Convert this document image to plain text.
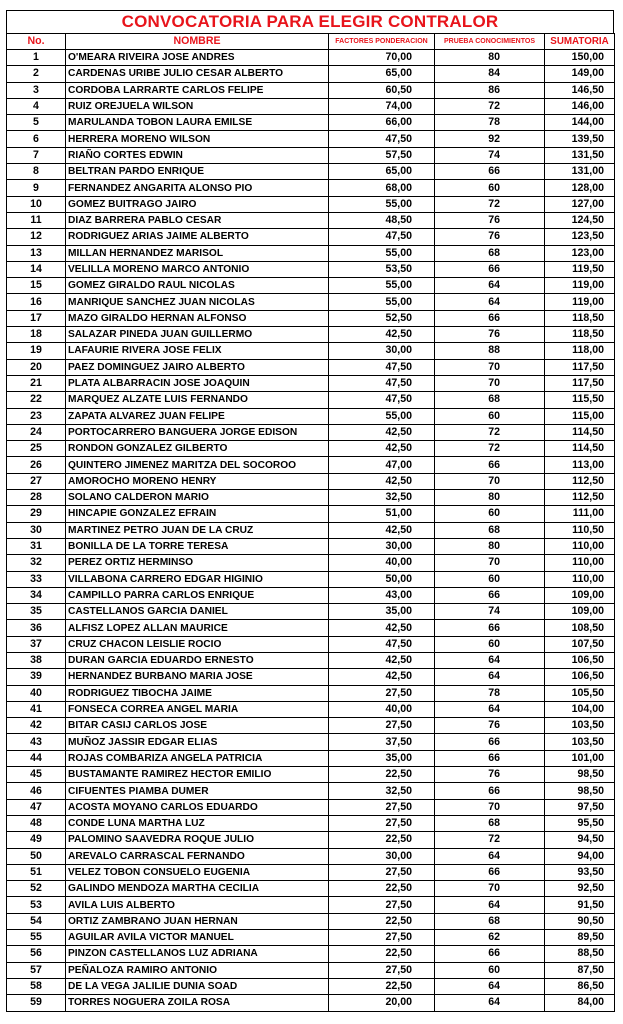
CONVOCATORIA PARA ELEGIR CONTRALOR
No.	NOMBRE	FACTORES PONDERACION	PRUEBA CONOCIMIENTOS	SUMATORIA
1	O'MEARA RIVEIRA JOSE ANDRES	70,00	80	150,00
2	CARDENAS URIBE JULIO CESAR ALBERTO	65,00	84	149,00
3	CORDOBA LARRARTE CARLOS FELIPE	60,50	86	146,50
4	RUIZ OREJUELA WILSON	74,00	72	146,00
5	MARULANDA TOBON LAURA EMILSE	66,00	78	144,00
6	HERRERA MORENO WILSON	47,50	92	139,50
7	RIAÑO CORTES EDWIN	57,50	74	131,50
8	BELTRAN PARDO ENRIQUE	65,00	66	131,00
9	FERNANDEZ ANGARITA ALONSO PIO	68,00	60	128,00
10	GOMEZ BUITRAGO JAIRO	55,00	72	127,00
11	DIAZ BARRERA PABLO CESAR	48,50	76	124,50
12	RODRIGUEZ ARIAS JAIME ALBERTO	47,50	76	123,50
13	MILLAN HERNANDEZ MARISOL	55,00	68	123,00
14	VELILLA MORENO MARCO ANTONIO	53,50	66	119,50
15	GOMEZ GIRALDO RAUL NICOLAS	55,00	64	119,00
16	MANRIQUE SANCHEZ JUAN NICOLAS	55,00	64	119,00
17	MAZO GIRALDO HERNAN ALFONSO	52,50	66	118,50
18	SALAZAR PINEDA JUAN GUILLERMO	42,50	76	118,50
19	LAFAURIE RIVERA JOSE FELIX	30,00	88	118,00
20	PAEZ DOMINGUEZ JAIRO ALBERTO	47,50	70	117,50
21	PLATA ALBARRACIN JOSE JOAQUIN	47,50	70	117,50
22	MARQUEZ ALZATE LUIS FERNANDO	47,50	68	115,50
23	ZAPATA ALVAREZ JUAN FELIPE	55,00	60	115,00
24	PORTOCARRERO BANGUERA JORGE EDISON	42,50	72	114,50
25	RONDON GONZALEZ GILBERTO	42,50	72	114,50
26	QUINTERO JIMENEZ MARITZA DEL SOCOROO	47,00	66	113,00
27	AMOROCHO MORENO HENRY	42,50	70	112,50
28	SOLANO CALDERON MARIO	32,50	80	112,50
29	HINCAPIE GONZALEZ EFRAIN	51,00	60	111,00
30	MARTINEZ PETRO JUAN DE LA CRUZ	42,50	68	110,50
31	BONILLA DE LA TORRE TERESA	30,00	80	110,00
32	PEREZ ORTIZ HERMINSO	40,00	70	110,00
33	VILLABONA CARRERO EDGAR HIGINIO	50,00	60	110,00
34	CAMPILLO PARRA CARLOS ENRIQUE	43,00	66	109,00
35	CASTELLANOS GARCIA DANIEL	35,00	74	109,00
36	ALFISZ LOPEZ ALLAN MAURICE	42,50	66	108,50
37	CRUZ CHACON LEISLIE ROCIO	47,50	60	107,50
38	DURAN GARCIA EDUARDO ERNESTO	42,50	64	106,50
39	HERNANDEZ BURBANO MARIA JOSE	42,50	64	106,50
40	RODRIGUEZ TIBOCHA JAIME	27,50	78	105,50
41	FONSECA CORREA ANGEL MARIA	40,00	64	104,00
42	BITAR CASIJ CARLOS JOSE	27,50	76	103,50
43	MUÑOZ JASSIR EDGAR ELIAS	37,50	66	103,50
44	ROJAS COMBARIZA ANGELA PATRICIA	35,00	66	101,00
45	BUSTAMANTE RAMIREZ HECTOR EMILIO	22,50	76	98,50
46	CIFUENTES PIAMBA DUMER	32,50	66	98,50
47	ACOSTA MOYANO CARLOS EDUARDO	27,50	70	97,50
48	CONDE LUNA MARTHA LUZ	27,50	68	95,50
49	PALOMINO SAAVEDRA ROQUE JULIO	22,50	72	94,50
50	AREVALO CARRASCAL FERNANDO	30,00	64	94,00
51	VELEZ TOBON CONSUELO EUGENIA	27,50	66	93,50
52	GALINDO MENDOZA MARTHA CECILIA	22,50	70	92,50
53	AVILA LUIS ALBERTO	27,50	64	91,50
54	ORTIZ ZAMBRANO JUAN HERNAN	22,50	68	90,50
55	AGUILAR AVILA VICTOR MANUEL	27,50	62	89,50
56	PINZON CASTELLANOS LUZ ADRIANA	22,50	66	88,50
57	PEÑALOZA RAMIRO ANTONIO	27,50	60	87,50
58	DE LA VEGA JALILIE DUNIA SOAD	22,50	64	86,50
59	TORRES NOGUERA ZOILA ROSA	20,00	64	84,00
